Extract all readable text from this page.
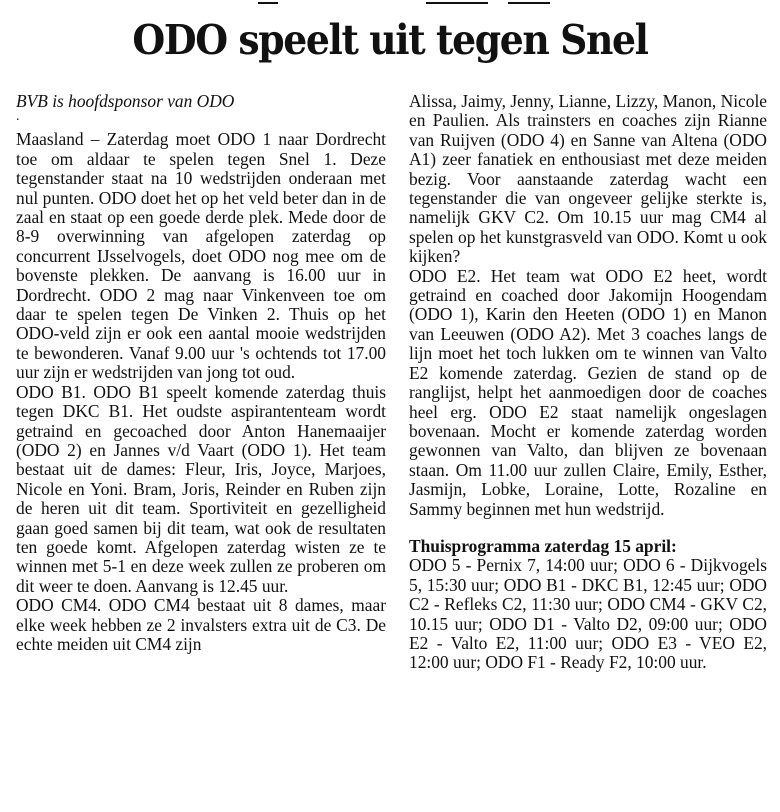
ODO speelt uit tegen Snel

BVB is hoofdsponsor van ODO

.

Maasland – Zaterdag moet ODO 1 naar Dordrecht toe om aldaar te spelen tegen Snel 1. Deze tegenstander staat na 10 wedstrijden onderaan met nul punten. ODO doet het op het veld beter dan in de zaal en staat op een goede derde plek. Mede door de 8-9 overwinning van afgelopen zaterdag op concurrent IJsselvogels, doet ODO nog mee om de bovenste plekken. De aanvang is 16.00 uur in Dordrecht. ODO 2 mag naar Vinkenveen toe om daar te spelen tegen De Vinken 2. Thuis op het ODO-veld zijn er ook een aantal mooie wedstrijden te bewonderen. Vanaf 9.00 uur 's ochtends tot 17.00 uur zijn er wedstrijden van jong tot oud.

ODO B1. ODO B1 speelt komende zaterdag thuis tegen DKC B1. Het oudste aspirantenteam wordt getraind en gecoached door Anton Hanemaaijer (ODO 2) en Jannes v/d Vaart (ODO 1). Het team bestaat uit de dames: Fleur, Iris, Joyce, Marjoes, Nicole en Yoni. Bram, Joris, Reinder en Ruben zijn de heren uit dit team. Sportiviteit en gezelligheid gaan goed samen bij dit team, wat ook de resultaten ten goede komt. Afgelopen zaterdag wisten ze te winnen met 5-1 en deze week zullen ze proberen om dit weer te doen. Aanvang is 12.45 uur.

ODO CM4. ODO CM4 bestaat uit 8 dames, maar elke week hebben ze 2 invalsters extra uit de C3. De echte meiden uit CM4 zijn

Alissa, Jaimy, Jenny, Lianne, Lizzy, Manon, Nicole en Paulien. Als trainsters en coaches zijn Rianne van Ruijven (ODO 4) en Sanne van Altena (ODO A1) zeer fanatiek en enthousiast met deze meiden bezig. Voor aanstaande zaterdag wacht een tegenstander die van ongeveer gelijke sterkte is, namelijk GKV C2. Om 10.15 uur mag CM4 al spelen op het kunstgrasveld van ODO. Komt u ook kijken?

ODO E2. Het team wat ODO E2 heet, wordt getraind en coached door Jakomijn Hoogendam (ODO 1), Karin den Heeten (ODO 1) en Manon van Leeuwen (ODO A2). Met 3 coaches langs de lijn moet het toch lukken om te winnen van Valto E2 komende zaterdag. Gezien de stand op de ranglijst, helpt het aanmoedigen door de coaches heel erg. ODO E2 staat namelijk ongeslagen bovenaan. Mocht er komende zaterdag worden gewonnen van Valto, dan blijven ze bovenaan staan. Om 11.00 uur zullen Claire, Emily, Esther, Jasmijn, Lobke, Loraine, Lotte, Rozaline en Sammy beginnen met hun wedstrijd.

Thuisprogramma zaterdag 15 april:

ODO 5 - Pernix 7, 14:00 uur; ODO 6 - Dijkvogels 5, 15:30 uur; ODO B1 - DKC B1, 12:45 uur; ODO C2 - Refleks C2, 11:30 uur; ODO CM4 - GKV C2, 10.15 uur; ODO D1 - Valto D2, 09:00 uur; ODO E2 - Valto E2, 11:00 uur; ODO E3 - VEO E2, 12:00 uur; ODO F1 - Ready F2, 10:00 uur.
